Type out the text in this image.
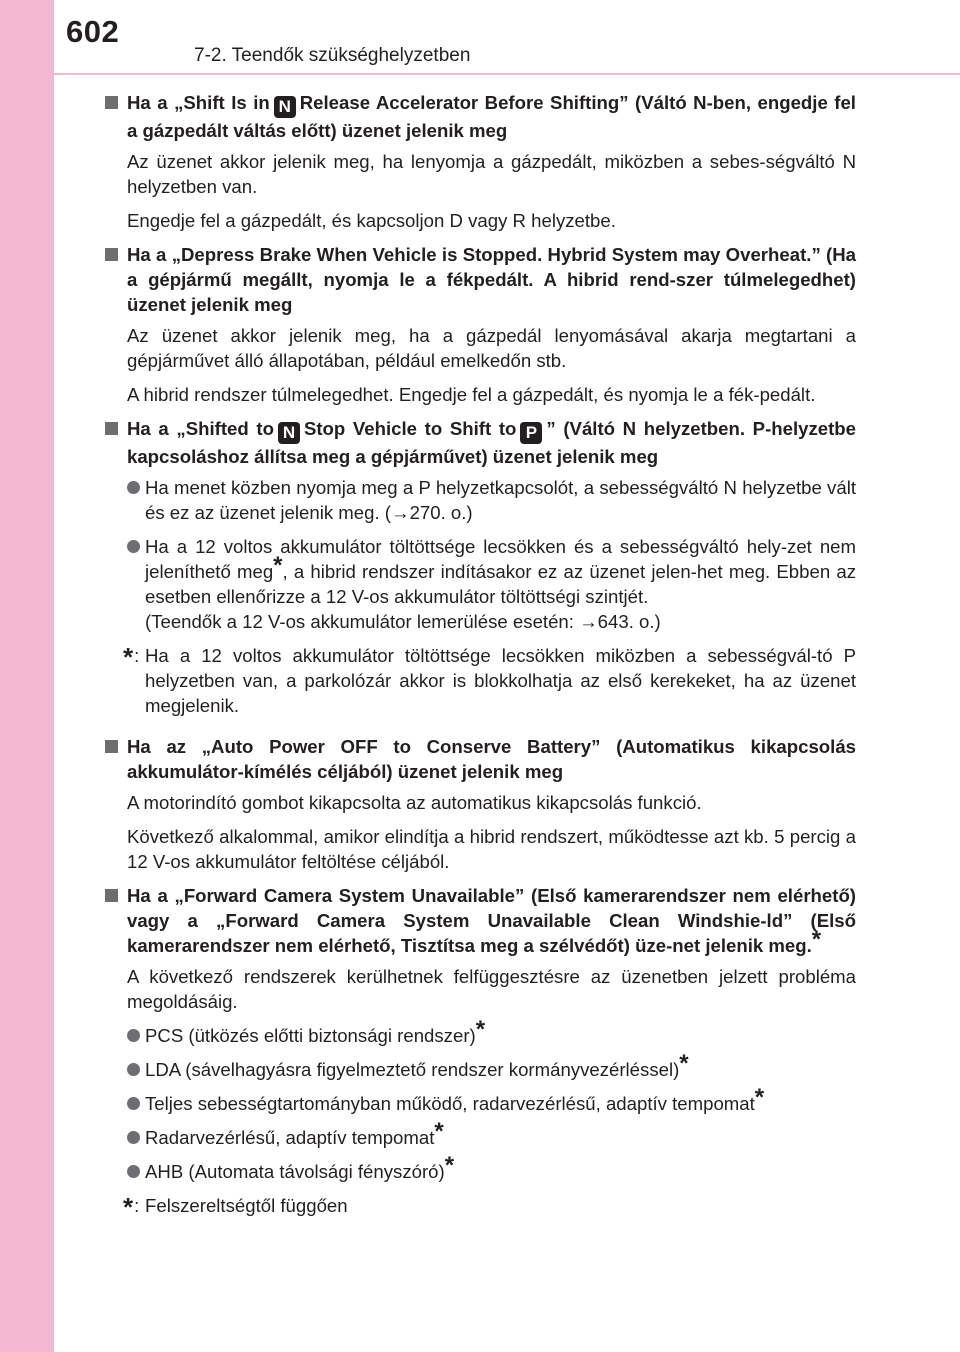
602
7-2. Teendők szükséghelyzetben
Ha a „Shift Is in N Release Accelerator Before Shifting” (Váltó N-ben, engedje fel a gázpedált váltás előtt) üzenet jelenik meg
Az üzenet akkor jelenik meg, ha lenyomja a gázpedált, miközben a sebes-ségváltó N helyzetben van.
Engedje fel a gázpedált, és kapcsoljon D vagy R helyzetbe.
Ha a „Depress Brake When Vehicle is Stopped. Hybrid System may Overheat.” (Ha a gépjármű megállt, nyomja le a fékpedált. A hibrid rend-szer túlmelegedhet) üzenet jelenik meg
Az üzenet akkor jelenik meg, ha a gázpedál lenyomásával akarja megtartani a gépjárművet álló állapotában, például emelkedőn stb.
A hibrid rendszer túlmelegedhet. Engedje fel a gázpedált, és nyomja le a fék-pedált.
Ha a „Shifted to N Stop Vehicle to Shift to P ” (Váltó N helyzetben. P-helyzetbe kapcsoláshoz állítsa meg a gépjárművet) üzenet jelenik meg
Ha menet közben nyomja meg a P helyzetkapcsolót, a sebességváltó N helyzetbe vált és ez az üzenet jelenik meg. (→270. o.)
Ha a 12 voltos akkumulátor töltöttsége lecsökken és a sebességváltó hely-zet nem jeleníthető meg*, a hibrid rendszer indításakor ez az üzenet jelen-het meg. Ebben az esetben ellenőrizze a 12 V-os akkumulátor töltöttségi szintjét.
(Teendők a 12 V-os akkumulátor lemerülése esetén: →643. o.)
*: Ha a 12 voltos akkumulátor töltöttsége lecsökken miközben a sebességvál-tó P helyzetben van, a parkolózár akkor is blokkolhatja az első kerekeket, ha az üzenet megjelenik.
Ha az „Auto Power OFF to Conserve Battery” (Automatikus kikapcsolás akkumulátor-kímélés céljából) üzenet jelenik meg
A motorindító gombot kikapcsolta az automatikus kikapcsolás funkció.
Következő alkalommal, amikor elindítja a hibrid rendszert, működtesse azt kb. 5 percig a 12 V-os akkumulátor feltöltése céljából.
Ha a „Forward Camera System Unavailable” (Első kamerarendszer nem elérhető) vagy a „Forward Camera System Unavailable Clean Windshie-ld” (Első kamerarendszer nem elérhető, Tisztítsa meg a szélvédőt) üze-net jelenik meg.*
A következő rendszerek kerülhetnek felfüggesztésre az üzenetben jelzett probléma megoldásáig.
PCS (ütközés előtti biztonsági rendszer)*
LDA (sávelhagyásra figyelmeztető rendszer kormányvezérléssel)*
Teljes sebességtartományban működő, radarvezérlésű, adaptív tempomat*
Radarvezérlésű, adaptív tempomat*
AHB (Automata távolsági fényszóró)*
*: Felszereltségtől függően
